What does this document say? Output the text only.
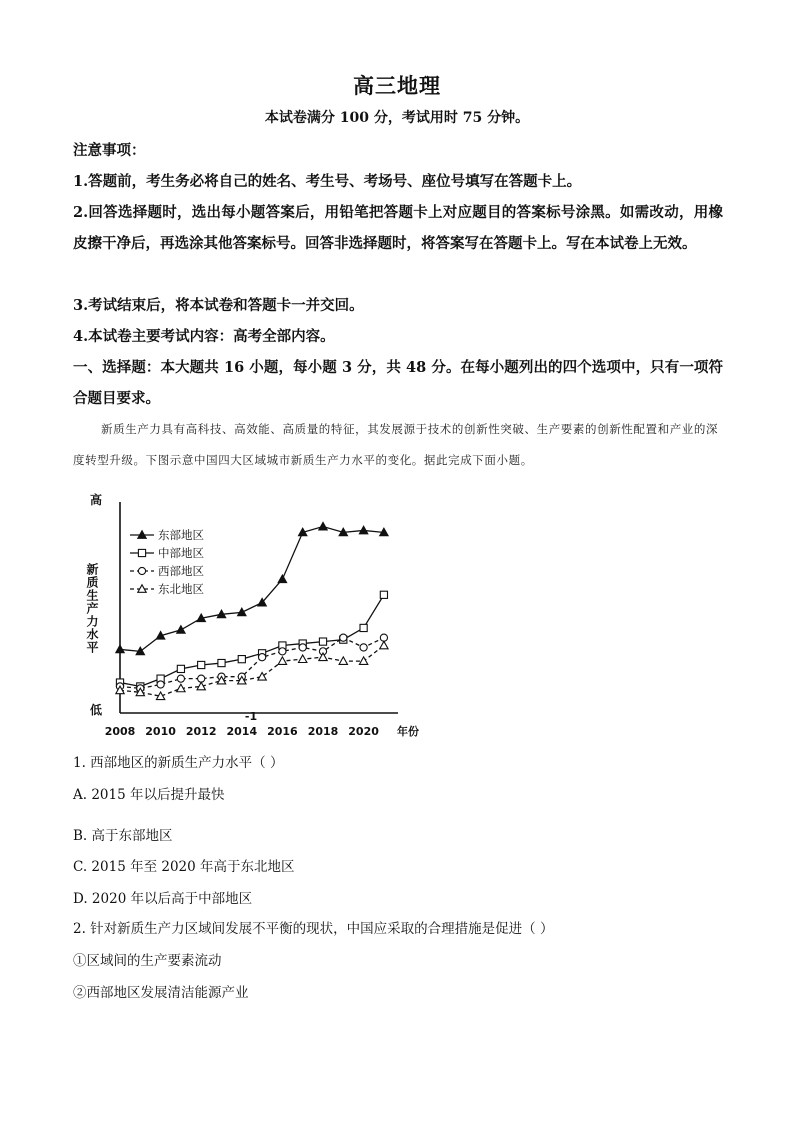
高三地理
本试卷满分 100 分，考试用时 75 分钟。
注意事项：
1.答题前，考生务必将自己的姓名、考生号、考场号、座位号填写在答题卡上。
2.回答选择题时，选出每小题答案后，用铅笔把答题卡上对应题目的答案标号涂黑。如需改动，用橡皮擦干净后，再选涂其他答案标号。回答非选择题时，将答案写在答题卡上。写在本试卷上无效。
3.考试结束后，将本试卷和答题卡一并交回。
4.本试卷主要考试内容：高考全部内容。
一、选择题：本大题共 16 小题，每小题 3 分，共 48 分。在每小题列出的四个选项中，只有一项符合题目要求。
新质生产力具有高科技、高效能、高质量的特征，其发展源于技术的创新性突破、生产要素的创新性配置和产业的深度转型升级。下图示意中国四大区域城市新质生产力水平的变化。据此完成下面小题。
高
低
新质生产力水平
2008 2010 2012 2014 2016 2018 2020 年份
-1
东部地区
中部地区
西部地区
东北地区
1. 西部地区的新质生产力水平（ ）
A. 2015 年以后提升最快
B. 高于东部地区
C. 2015 年至 2020 年高于东北地区
D. 2020 年以后高于中部地区
2. 针对新质生产力区域间发展不平衡的现状，中国应采取的合理措施是促进（ ）
①区域间的生产要素流动
②西部地区发展清洁能源产业
